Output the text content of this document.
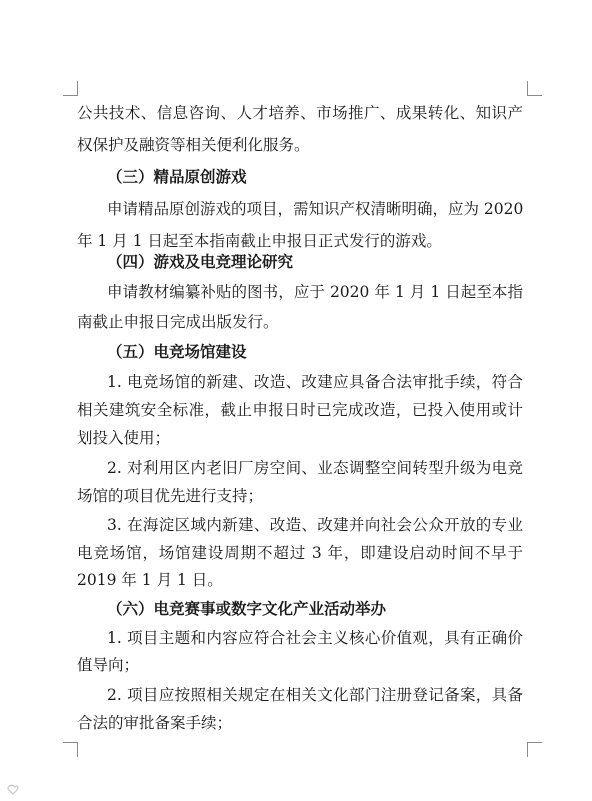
公共技术、信息咨询、人才培养、市场推广、成果转化、知识产
权保护及融资等相关便利化服务。
（三）精品原创游戏
申请精品原创游戏的项目，需知识产权清晰明确，应为 2020
年 1 月 1 日起至本指南截止申报日正式发行的游戏。
（四）游戏及电竞理论研究
申请教材编纂补贴的图书，应于 2020 年 1 月 1 日起至本指
南截止申报日完成出版发行。
（五）电竞场馆建设
1. 电竞场馆的新建、改造、改建应具备合法审批手续，符合
相关建筑安全标准，截止申报日时已完成改造，已投入使用或计
划投入使用；
2. 对利用区内老旧厂房空间、业态调整空间转型升级为电竞
场馆的项目优先进行支持；
3. 在海淀区域内新建、改造、改建并向社会公众开放的专业
电竞场馆，场馆建设周期不超过 3 年，即建设启动时间不早于
2019 年 1 月 1 日。
（六）电竞赛事或数字文化产业活动举办
1. 项目主题和内容应符合社会主义核心价值观，具有正确价
值导向；
2. 项目应按照相关规定在相关文化部门注册登记备案，具备
合法的审批备案手续；
